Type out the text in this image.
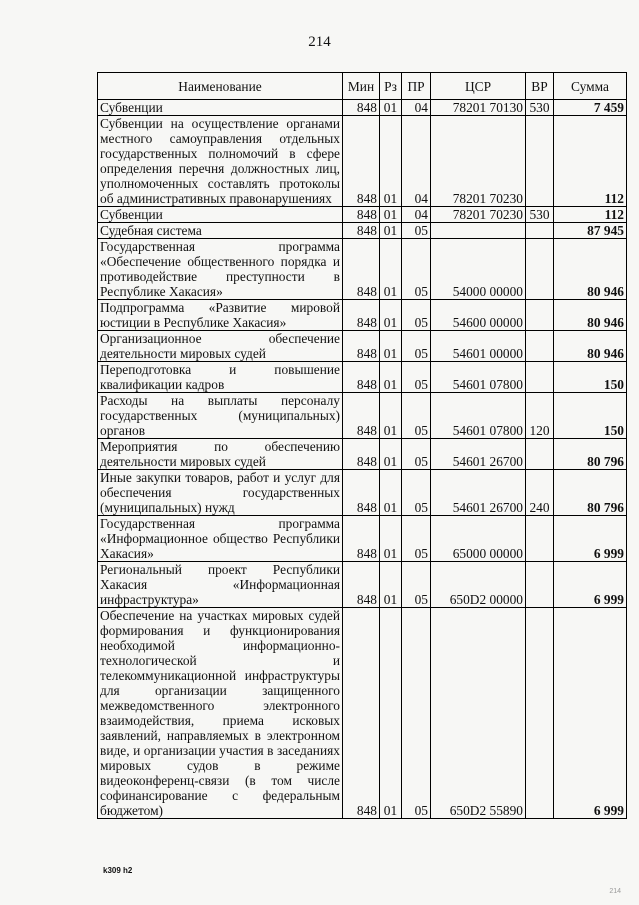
214
Наименование	Мин	Рз	ПР	ЦСР	ВР	Сумма
Субвенции	848	01	04	78201 70130	530	7 459
Субвенции на осуществление органами местного самоуправления отдельных государственных полномочий в сфере определения перечня должностных лиц, уполномоченных составлять протоколы об административных правонарушениях	848	01	04	78201 70230		112
Субвенции	848	01	04	78201 70230	530	112
Судебная система	848	01	05			87 945
Государственная программа «Обеспечение общественного порядка и противодействие преступности в Республике Хакасия»	848	01	05	54000 00000		80 946
Подпрограмма «Развитие мировой юстиции в Республике Хакасия»	848	01	05	54600 00000		80 946
Организационное обеспечение деятельности мировых судей	848	01	05	54601 00000		80 946
Переподготовка и повышение квалификации кадров	848	01	05	54601 07800		150
Расходы на выплаты персоналу государственных (муниципальных) органов	848	01	05	54601 07800	120	150
Мероприятия по обеспечению деятельности мировых судей	848	01	05	54601 26700		80 796
Иные закупки товаров, работ и услуг для обеспечения государственных (муниципальных) нужд	848	01	05	54601 26700	240	80 796
Государственная программа «Информационное общество Республики Хакасия»	848	01	05	65000 00000		6 999
Региональный проект Республики Хакасия «Информационная инфраструктура»	848	01	05	650D2 00000		6 999
Обеспечение на участках мировых судей формирования и функционирования необходимой информационно-технологической и телекоммуникационной инфраструктуры для организации защищенного межведомственного электронного взаимодействия, приема исковых заявлений, направляемых в электронном виде, и организации участия в заседаниях мировых судов в режиме видеоконференц-связи (в том числе софинансирование с федеральным бюджетом)	848	01	05	650D2 55890		6 999
k309 h2
214
